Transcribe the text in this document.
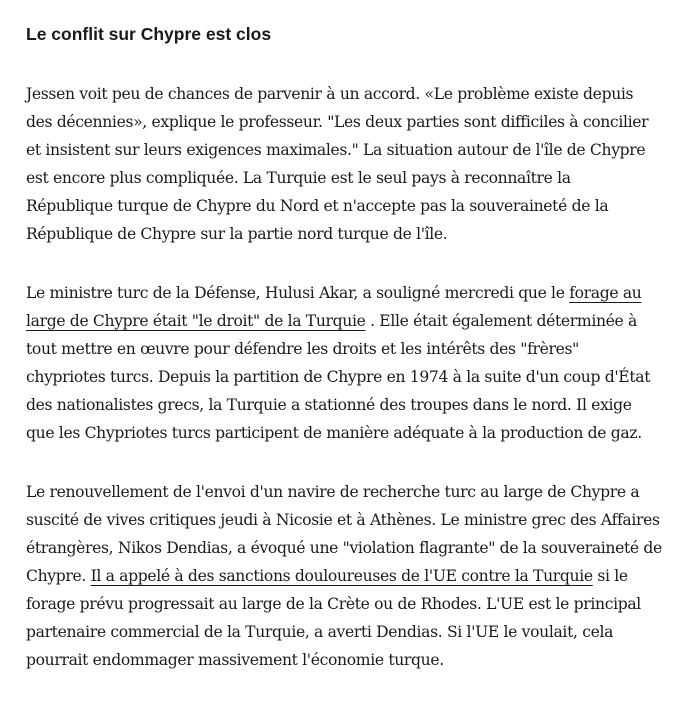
Le conflit sur Chypre est clos

Jessen voit peu de chances de parvenir à un accord. «Le problème existe depuis des décennies», explique le professeur. "Les deux parties sont difficiles à concilier et insistent sur leurs exigences maximales." La situation autour de l'île de Chypre est encore plus compliquée. La Turquie est le seul pays à reconnaître la République turque de Chypre du Nord et n'accepte pas la souveraineté de la République de Chypre sur la partie nord turque de l'île.

Le ministre turc de la Défense, Hulusi Akar, a souligné mercredi que le forage au large de Chypre était "le droit" de la Turquie . Elle était également déterminée à tout mettre en œuvre pour défendre les droits et les intérêts des "frères" chypriotes turcs. Depuis la partition de Chypre en 1974 à la suite d'un coup d'État des nationalistes grecs, la Turquie a stationné des troupes dans le nord. Il exige que les Chypriotes turcs participent de manière adéquate à la production de gaz.

Le renouvellement de l'envoi d'un navire de recherche turc au large de Chypre a suscité de vives critiques jeudi à Nicosie et à Athènes. Le ministre grec des Affaires étrangères, Nikos Dendias, a évoqué une "violation flagrante" de la souveraineté de Chypre. Il a appelé à des sanctions douloureuses de l'UE contre la Turquie si le forage prévu progressait au large de la Crète ou de Rhodes. L'UE est le principal partenaire commercial de la Turquie, a averti Dendias. Si l'UE le voulait, cela pourrait endommager massivement l'économie turque.
